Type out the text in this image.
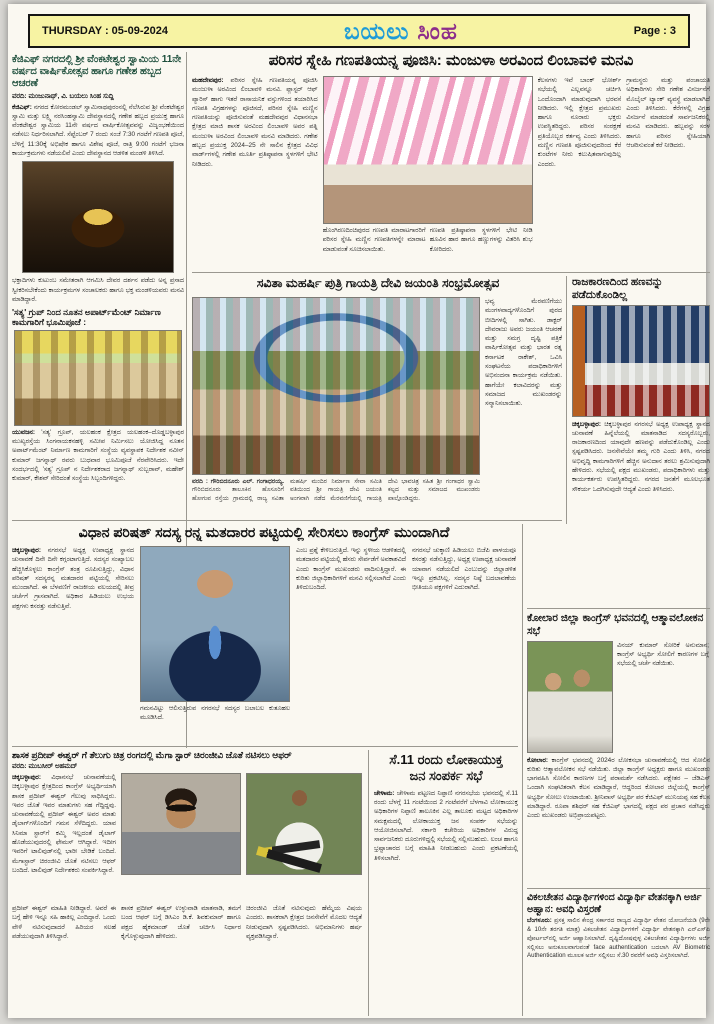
THURSDAY : 05-09-2024	ಬಯಲು ಸಿಂಹ	Page : 3
ಕೆಜಿಎಫ್ ನಗರದಲ್ಲಿ ಶ್ರೀ ವೆಂಕಟೇಶ್ವರ ಸ್ವಾಮಿಯ 11ನೇ ವರ್ಷದ ವಾರ್ಷಿಕೋತ್ಸವ ಹಾಗೂ ಗಣೇಶ ಹಬ್ಬದ ಆಚರಣೆ
ವರದಿ: ಮಂಜುನಾಥ್, ವಿ. ಬಯಲು ಸಿಂಹ ಸುದ್ದಿ
ಕೆಜಿಎಫ್: ನಗರದ ಕೋರಮಂಡಲ್ ಸ್ವಾಮಿನಾಥಪುರಂನಲ್ಲಿ ನೆಲೆಸಿರುವ ಶ್ರೀ ವೆಂಕಟೇಶ್ವರ ಸ್ವಾಮಿ ಮತ್ತು ಲಕ್ಷ್ಮಿ ನರಸಿಂಹಸ್ವಾಮಿ ದೇವಸ್ಥಾನದಲ್ಲಿ ಗಣೇಶ ಹಬ್ಬದ ಪ್ರಯುಕ್ತ ಹಾಗೂ ವೆಂಕಟೇಶ್ವರ ಸ್ವಾಮಿಯ 11ನೇ ವರ್ಷದ ವಾರ್ಷಿಕೋತ್ಸವವನ್ನು ವಿಜೃಂಭಣೆಯಿಂದ ನಡೆಸಲು ನಿರ್ಧರಿಸಲಾಗಿದೆ. ಸೆಪ್ಟೆಂಬರ್ 7 ರಂದು ಸಂಜೆ 7:30 ಗಂಟೆಗೆ ಗಣಪತಿ ಪೂಜೆ, ಬೆಳಿಗ್ಗೆ 11:30ಕ್ಕೆ ಅಭಿಷೇಕ ಹಾಗೂ ವಿಶೇಷ ಪೂಜೆ, ರಾತ್ರಿ 9:00 ಗಂಟೆಗೆ ಭಜನಾ ಕಾರ್ಯಕ್ರಮಗಳು ನಡೆಯಲಿವೆ ಎಂದು ದೇವಸ್ಥಾನದ ಆಡಳಿತ ಮಂಡಳಿ ತಿಳಿಸಿದೆ.
ಭಕ್ತಾದಿಗಳು ಕುಟುಂಬ ಸಮೇತರಾಗಿ ಆಗಮಿಸಿ ದೇವರ ದರ್ಶನ ಪಡೆದು ಅನ್ನ ಪ್ರಸಾದ ಸ್ವೀಕರಿಸಬೇಕೆಂದು ಕಾರ್ಯಕ್ರಮಗಳ ಸಂಚಾಲಕರು ಹಾಗೂ ಭಕ್ತ ಮಂಡಳಿಯವರು ಮನವಿ ಮಾಡಿದ್ದಾರೆ.
'ಸತ್ಯ' ಗ್ರುಪ್ ನಿಂದ ನೂತನ ಅಪಾರ್ಟ್‌ಮೆಂಟ್ ನಿರ್ಮಾಣ ಕಾಮಗಾರಿಗೆ ಭೂಮಿಪೂಜೆ :
ಯುವಜನ: 'ಸತ್ಯ' ಗ್ರೂಪ್, ಯಲಹಂಕ ಕ್ಷೇತ್ರದ ಯಲಹಂಕ–ದೊಡ್ಡಬಳ್ಳಾಪುರ ಮುಖ್ಯರಸ್ತೆಯ ಸಿಂಗನಾಯಕನಹಳ್ಳಿ ಸಮೀಪ ನಿರ್ಮಿಸಲು ಯೋಜಿಸಿದ್ದ ನೂತನ ಅಪಾರ್ಟ್‌ಮೆಂಟ್ ನಿರ್ಮಾಣ ಕಾಮಗಾರಿಗೆ ಸಂಸ್ಥೆಯ ವ್ಯವಸ್ಥಾಪಕ ನಿರ್ದೇಶಕ ನವೀನ್ ಕುಮಾರ್ ಜಗನ್ನಾಥ್ ರವರು ಬುಧವಾರ ಭೂಮಿಪೂಜೆ ನೆರವೇರಿಸಿದರು. ಇದೇ ಸಂದರ್ಭದಲ್ಲಿ 'ಸತ್ಯ' ಗ್ರೂಪ್ ನ ನಿರ್ದೇಶಕರಾದ ಜಗನ್ನಾಥ್ ಸುಬ್ಬರಾವ್, ಮಹೇಶ್ ಕುಮಾರ್, ಕೇಶವ್ ಸೇರಿದಂತೆ ಸಂಸ್ಥೆಯ ಸಿಬ್ಬಂದಿಗಳಿದ್ದರು.
ಪರಿಸರ ಸ್ನೇಹಿ ಗಣಪತಿಯನ್ನ ಪೂಜಿಸಿ: ಮಂಜುಳಾ ಅರವಿಂದ ಲಿಂಬಾವಳಿ ಮನವಿ
ಮಹದೇವಪುರ: ಪರಿಸರ ಸ್ನೇಹಿ ಗಣಪತಿಯನ್ನ ಪೂಜಿಸಿ ಮಂಜುಳಾ ಅರವಿಂದ ಲಿಂಬಾವಳಿ ಮನವಿ. ಪ್ಲಾಸ್ಟರ್ ಆಫ್ ಪ್ಯಾರಿಸ್ ಹಾಗು ಇತರೆ ರಾಸಾಯನಿಕ ವಸ್ತುಗಳಿಂದ ತಯಾರಿಸಿದ ಗಣಪತಿ ವಿಗ್ರಹಗಳನ್ನು ಪೂಜಿಸದೆ, ಪರಿಸರ ಸ್ನೇಹಿ ಮಣ್ಣಿನ ಗಣಪತಿಯನ್ನು ಪೂಜಿಸುವಂತೆ ಮಹದೇವಪುರ ವಿಧಾನಸಭಾ ಕ್ಷೇತ್ರದ ಮಾಜಿ ಶಾಸಕ ಅರವಿಂದ ಲಿಂಬಾವಳಿ ಅವರ ಪತ್ನಿ ಮಂಜುಳಾ ಅರವಿಂದ ಲಿಂಬಾವಳಿ ಮನವಿ ಮಾಡಿದರು. ಗಣೇಶ ಹಬ್ಬದ ಪ್ರಯುಕ್ತ 2024–25 ನೇ ಸಾಲಿನ ಕ್ಷೇತ್ರದ ವಿವಿಧ ವಾರ್ಡ್‌ಗಳಲ್ಲಿ ಗಣೇಶ ಮೂರ್ತಿ ಪ್ರತಿಷ್ಠಾಪನಾ ಸ್ಥಳಗಳಿಗೆ ಭೇಟಿ ನೀಡಿದರು.
ಹೊಂಗಿರಣದಿಂಚಿಪುರದ ಗಣಪತಿ ಮಾರಾಟಗಾರರಿಗೆ ಪರಿಸರ ಸ್ನೇಹಿ ಮಣ್ಣಿನ ಗಣಪತಿಗಳನ್ನೇ ಮಾರಾಟ ಮಾಡುವಂತೆ ಸೂಚಿಸಲಾಯಿತು.
ಗಣಪತಿ ಪ್ರತಿಷ್ಠಾಪನಾ ಸ್ಥಳಗಳಿಗೆ ಭೇಟಿ ನೀಡಿ ಹೂವಿನ ಹಾರ ಹಾಗೂ ಹಣ್ಣುಗಳನ್ನು ವಿತರಿಸಿ ಶುಭ ಕೋರಿದರು.
ಕೆಲಸಗಳು ಇವೆ ಬಾಂಕ್ ಭೋರ್ಶ್ ಸಭೆಯಲ್ಲಿ ಎಲ್ಲವನ್ನೂ ಚರ್ಚಿಸಿ ಒಂದೊಂದಾಗಿ ಮಾಡುವುದಾಗಿ ಭರವಸೆ ನೀಡಿದರು. ಇಲ್ಲಿ ಕ್ಷೇತ್ರದ ಪ್ರಮುಖರು ಹಾಗೂ ನೂರಾರು ಭಕ್ತರು ಉಪಸ್ಥಿತರಿದ್ದರು. ಪರಿಸರ ಸಂರಕ್ಷಣೆ ಪ್ರತಿಯೊಬ್ಬರ ಕರ್ತವ್ಯ ಎಂದು ತಿಳಿಸಿದರು. ಮಣ್ಣಿನ ಗಣಪತಿ ಪೂಜಿಸುವುದರಿಂದ ಕೆರೆ ಕುಂಟೆಗಳ ನೀರು ಕಲುಷಿತವಾಗುವುದಿಲ್ಲ ಎಂದರು.
ಗ್ರಾಮಸ್ಥರು ಮತ್ತು ಪಂಚಾಯತಿ ಅಧಿಕಾರಿಗಳು ಸೇರಿ ಗಣೇಶ ವಿಸರ್ಜನೆಗೆ ಮೊಬೈಲ್ ಟ್ಯಾಂಕ್ ವ್ಯವಸ್ಥೆ ಮಾಡಲಾಗಿದೆ ಎಂದು ತಿಳಿಸಿದರು. ಕೆರೆಗಳಲ್ಲಿ ವಿಗ್ರಹ ವಿಸರ್ಜನೆ ಮಾಡದಂತೆ ಸಾರ್ವಜನಿಕರಲ್ಲಿ ಮನವಿ ಮಾಡಿದರು. ಹಬ್ಬವನ್ನು ಸರಳ ಹಾಗೂ ಪರಿಸರ ಸ್ನೇಹಿಯಾಗಿ ಆಚರಿಸುವಂತೆ ಕರೆ ನೀಡಿದರು.
ಸವಿತಾ ಮಹರ್ಷಿ ಪುತ್ರಿ ಗಾಯತ್ರಿ ದೇವಿ ಜಯಂತಿ ಸಂಭ್ರಮೋತ್ಸವ
ವರದಿ : ಗೌರಿಬಿದನೂರು ಎಲ್. ಗಂಗಾಧರಯ್ಯ. ಗೌರಿಬಿದನೂರು ತಾಲೂಕಿನ ಹೊಸೂರಿಗೆ ಹೋಗುವ ರಸ್ತೆಯ ಗ್ರಾಮದಲ್ಲಿ ರಾಜ್ಯ ಸವಿತಾ ಮಹರ್ಷಿ ಮಂದಿರ ನಿರ್ಮಾಣ ಸೇವಾ ಸಮಿತಿ ವತಿಯಿಂದ ಶ್ರೀ ಗಾಯತ್ರಿ ದೇವಿ ಜಯಂತಿ ಅಂಗವಾಗಿ ನಡೆದ ಮೆರವಣಿಗೆಯಲ್ಲಿ ಗಾಯತ್ರಿ ದೇವಿ ಭಾವಚಿತ್ರ ಸಹಿತ ಶ್ರೀ ಗಂಗಾಧರ ಸ್ವಾಮಿ ಕಲ್ಪದ ಮತ್ತು ಸಮಾಜದ ಮುಖಂಡರು ಪಾಲ್ಗೊಂಡಿದ್ದರು.
ಭವ್ಯ ಮೆರವಣಿಗೆಯು ಮಂಗಳವಾದ್ಯಗಳೊಂದಿಗೆ ಪುರದ ಬೀದಿಗಳಲ್ಲಿ ಸಾಗಿತು. ಡಾಕ್ಟರ್ ದೇವರಾಜು ಅವರು ಜಯಂತಿ ಆಚರಣೆ ಮತ್ತು ಸಮಗ್ರ ದೃಷ್ಟಿ ಪತ್ರಿಕೆ ವಾರ್ಷಿಕೋತ್ಸವ ಮತ್ತು ಭಾರತ ರತ್ನ ಕರ್ನಾಟಕ ರಾಕೇಶ್, ಒವಿಸಿ ಸಂಘಟನೆಯ ಪದಾಧಿಕಾರಿಗಳಿಗೆ ಅಭಿನಂದನಾ ಕಾರ್ಯಕ್ರಮ ನಡೆಯಿತು. ಹಾಗೆಯೇ ಕಲಾವಿದರನ್ನು ಮತ್ತು ಸಮಾಜದ ಮುಖಂಡರನ್ನು ಸನ್ಮಾನಿಸಲಾಯಿತು.
ರಾಜಕಾರಣದಿಂದ ಹಣವನ್ನು ಪಡೆದುಕೊಂಡಿಲ್ಲ
ಚಿಕ್ಕಬಳ್ಳಾಪುರ: ಚಿಕ್ಕಬಳ್ಳಾಪುರ ನಗರಸಭೆ ಅಧ್ಯಕ್ಷ ಉಪಾಧ್ಯಕ್ಷ ಸ್ಥಾನದ ಚುನಾವಣೆ ಹಿನ್ನೆಲೆಯಲ್ಲಿ ಮಾತನಾಡಿದ ಸದಸ್ಯರೊಬ್ಬರು, ರಾಜಕಾರಣದಿಂದ ಯಾವುದೇ ಹಣವನ್ನು ಪಡೆದುಕೊಂಡಿಲ್ಲ ಎಂದು ಸ್ಪಷ್ಟಪಡಿಸಿದರು. ಜನಸೇವೆಯೇ ತಮ್ಮ ಗುರಿ ಎಂದು ತಿಳಿಸಿ, ನಗರದ ಅಭಿವೃದ್ಧಿ ಕಾಮಗಾರಿಗಳಿಗೆ ಹೆಚ್ಚಿನ ಅನುದಾನ ತರಲು ಶ್ರಮಿಸುವುದಾಗಿ ಹೇಳಿದರು. ಸಭೆಯಲ್ಲಿ ಪಕ್ಷದ ಮುಖಂಡರು, ಪದಾಧಿಕಾರಿಗಳು ಮತ್ತು ಕಾರ್ಯಕರ್ತರು ಉಪಸ್ಥಿತರಿದ್ದರು. ನಗರದ ಜನತೆಗೆ ಮೂಲಭೂತ ಸೌಕರ್ಯ ಒದಗಿಸುವುದೇ ಆದ್ಯತೆ ಎಂದು ತಿಳಿಸಿದರು.
ವಿಧಾನ ಪರಿಷತ್ ಸದಸ್ಯ ರನ್ನ ಮತದಾರರ ಪಟ್ಟಿಯಲ್ಲಿ ಸೇರಿಸಲು ಕಾಂಗ್ರೆಸ್ ಮುಂದಾಗಿದೆ
ಚಿಕ್ಕಬಳ್ಳಾಪುರ: ನಗರಸಭೆ ಅಧ್ಯಕ್ಷ ಉಪಾಧ್ಯಕ್ಷ ಸ್ಥಾನದ ಚುನಾವಣೆ ದಿನೇ ದಿನೇ ಕಗ್ಗಂಟಾಗುತ್ತಿದೆ. ಸದಸ್ಯರ ಸಂಖ್ಯಾಬಲ ಹೆಚ್ಚಿಸಿಕೊಳ್ಳಲು ಕಾಂಗ್ರೆಸ್ ತಂತ್ರ ರೂಪಿಸುತ್ತಿದ್ದು, ವಿಧಾನ ಪರಿಷತ್ ಸದಸ್ಯರನ್ನ ಮತದಾರರ ಪಟ್ಟಿಯಲ್ಲಿ ಸೇರಿಸಲು ಮುಂದಾಗಿದೆ. ಈ ಬೆಳವಣಿಗೆ ರಾಜಕೀಯ ವಲಯದಲ್ಲಿ ತೀವ್ರ ಚರ್ಚೆಗೆ ಗ್ರಾಸವಾಗಿದೆ. ಅಧಿಕಾರ ಹಿಡಿಯಲು ಉಭಯ ಪಕ್ಷಗಳು ಕಸರತ್ತು ನಡೆಸುತ್ತಿವೆ.
ಗಮನವಿಟ್ಟು ಆಲಿಸುತ್ತಿರುವ ನಗರಸಭೆ ಸದಸ್ಯರ ಬಲಾಬಲ ಕುತೂಹಲ ಮೂಡಿಸಿದೆ.
ಎಂಬ ಪ್ರಶ್ನೆ ಕೇಳಿಬರುತ್ತಿದೆ. ಇನ್ನು ಸ್ಥಳೀಯ ಆಡಳಿತದಲ್ಲಿ ಮತದಾರರ ಪಟ್ಟಿಯಲ್ಲಿ ಹೆಸರು ಸೇರ್ಪಡೆಗೆ ಅವಕಾಶವಿದೆ ಎಂದು ಕಾಂಗ್ರೆಸ್ ಮುಖಂಡರು ವಾದಿಸುತ್ತಿದ್ದಾರೆ. ಈ ಕುರಿತು ಜಿಲ್ಲಾಧಿಕಾರಿಗಳಿಗೆ ಮನವಿ ಸಲ್ಲಿಸಲಾಗಿದೆ ಎಂದು ತಿಳಿದುಬಂದಿದೆ.
ನಗರಸಭೆ ಚುಕ್ಕಾಣಿ ಹಿಡಿಯಲು ಬಿಜೆಪಿ ಪಾಳಯವೂ ಕಸರತ್ತು ನಡೆಸುತ್ತಿದ್ದು, ಅಧ್ಯಕ್ಷ ಉಪಾಧ್ಯಕ್ಷ ಚುನಾವಣೆ ಯಾವಾಗ ನಡೆಯಲಿದೆ ಎಂಬುದನ್ನು ಜಿಲ್ಲಾಡಳಿತ ಇನ್ನೂ ಪ್ರಕಟಿಸಿಲ್ಲ. ಸದಸ್ಯರ ನಿಷ್ಠೆ ಬದಲಾವಣೆಯ ಭೀತಿಯೂ ಪಕ್ಷಗಳಿಗೆ ಎದುರಾಗಿದೆ.
ಕೋಲಾರ ಜಿಲ್ಲಾ ಕಾಂಗ್ರೆಸ್ ಭವನದಲ್ಲಿ ಆತ್ಮಾವಲೋಕನ ಸಭೆ
ವಿನಯ್ ಕುಮಾರ್ ಸೋರಿಕೆ ಅನುಮಾನ; ಕಾಂಗ್ರೆಸ್ ಅಭ್ಯರ್ಥಿ ಸೋಲಿಗೆ ಕಾರಣಗಳ ಬಗ್ಗೆ ಸಭೆಯಲ್ಲಿ ಚರ್ಚೆ ನಡೆಯಿತು.
ಕೋಲಾರ: ಕಾಂಗ್ರೆಸ್ ಭವನದಲ್ಲಿ 2024ರ ಲೋಕಸಭಾ ಚುನಾವಣೆಯಲ್ಲಿ ಆದ ಸೋಲಿನ ಕುರಿತು ಆತ್ಮಾವಲೋಕನ ಸಭೆ ನಡೆಯಿತು. ಜಿಲ್ಲಾ ಕಾಂಗ್ರೆಸ್ ಅಧ್ಯಕ್ಷರು ಹಾಗೂ ಮುಖಂಡರು ಭಾಗವಹಿಸಿ ಸೋಲಿನ ಕಾರಣಗಳ ಬಗ್ಗೆ ಪರಾಮರ್ಶೆ ನಡೆಸಿದರು. ಪಕ್ಷೇತರ – ಜೆಡಿಎಸ್ ಒಂದಾಗಿ ಸಂಘಟಿತರಾಗಿ ಕೆಲಸ ಮಾಡಿದ್ದಾರೆ, ಆದ್ದರಿಂದ ಕೋಲಾರ ಜಿಲ್ಲೆಯಲ್ಲಿ ಕಾಂಗ್ರೆಸ್ ಅಭ್ಯರ್ಥಿ ಸೋಲು ಉಂಟಾಯಿತು. ಶ್ರೀನಿವಾಸ್ ಅಭ್ಯರ್ಥಿ ಪರ ಕೆಜಿಎಫ್ ಮುನಿಯಪ್ಪ ಸಹ ಕೆಲಸ ಮಾಡಿದ್ದಾರೆ. ರೂಪಾ ಶಶಿಧರ್ ಸಹ ಕೆಜಿಎಫ್ ಭಾಗದಲ್ಲಿ ಪಕ್ಷದ ಪರ ಪ್ರಚಾರ ನಡೆಸಿದ್ದರು ಎಂದು ಮುಖಂಡರು ಅಭಿಪ್ರಾಯಪಟ್ಟರು.
ವಿಕಲಚೇತನ ವಿದ್ಯಾರ್ಥಿಗಳಿಂದ ವಿದ್ಯಾರ್ಥಿ ವೇತನಕ್ಕಾಗಿ ಅರ್ಜಿ ಅಹ್ವಾನ: ಅವಧಿ ವಿಸ್ತರಣೆ
ಬೆಂಗಳೂರು: ಪ್ರಸಕ್ತ ಸಾಲಿನ ಕೇಂದ್ರ ಸರ್ಕಾರದ ರಾಜ್ಯದ ವಿದ್ಯಾರ್ಥಿ ವೇತನ ಯೋಜನೆಯಡಿ (9ನೇ & 10ನೇ ತರಗತಿ ಮಾತ್ರ) ವಿಕಲಚೇತನ ವಿದ್ಯಾರ್ಥಿಗಳಿಗೆ ವಿದ್ಯಾರ್ಥಿ ವೇತನಕ್ಕಾಗಿ ಎನ್ಎಸ್‌ಪಿ ಪೋರ್ಟಲ್‌ನಲ್ಲಿ ಅರ್ಜಿ ಆಹ್ವಾನಿಸಲಾಗಿದೆ. ದೃಷ್ಟಿದೋಷವುಳ್ಳ ವಿಕಲಚೇತನ ವಿದ್ಯಾರ್ಥಿಗಳು ಅರ್ಜಿ ಸಲ್ಲಿಸಲು ಅನುಕೂಲವಾಗುವಂತೆ face authentication ಬದಲಾಗಿ AV Biometric Authentication ಮೂಲಕ ಅರ್ಜಿ ಸಲ್ಲಿಸಲು ಸೆ.30 ರವರೆಗೆ ಅವಧಿ ವಿಸ್ತರಿಸಲಾಗಿದೆ.
ಶಾಸಕ ಪ್ರದೀಪ್ ಈಶ್ವರ್ ಗೆ ತೆಲುಗು ಚಿತ್ರ ರಂಗದಲ್ಲಿ ಮೆಗಾ ಸ್ಟಾರ್ ಚಿರಂಜೀವಿ ಜೊತೆ ನಟಿಸಲು ಆಫರ್
ವರದಿ: ಮುಬಸೀರ್ ಅಹಮದ್
ಚಿಕ್ಕಬಳ್ಳಾಪುರ: ವಿಧಾನಸಭೆ ಚುನಾವಣೆಯಲ್ಲಿ ಚಿಕ್ಕಬಳ್ಳಾಪುರ ಕ್ಷೇತ್ರದಿಂದ ಕಾಂಗ್ರೆಸ್ ಅಭ್ಯರ್ಥಿಯಾಗಿ ಶಾಸಕ ಪ್ರದೀಪ್ ಈಶ್ವರ್ ಗೆಲುವು ಸಾಧಿಸಿದ್ದರು. ಇವರ ಜೊತೆ ಇವರ ಮಾತುಗಳು ಸಹ ಗೆದ್ದಿದ್ದವು. ಚುನಾವಣೆಯಲ್ಲಿ ಪ್ರದೀಪ್ ಈಶ್ವರ್ ಅವರ ಮಾತು ಡೈಲಾಗ್‌ಗಳೊಂದಿಗೆ ಗಮನ ಸೆಳೆದಿದ್ದರು. ಯಾವ ಸಿನಿಮಾ ಸ್ಟಾರ್‌ಗೆ ಕಮ್ಮಿ ಇಲ್ಲದಂತೆ ಡೈಲಾಗ್ ಹೊಡೆಯುವುದರಲ್ಲಿ ಫೇಮಸ್ ಆಗಿದ್ದಾರೆ. ಇದೀಗ ಇವರಿಗೆ ಟಾಲಿವುಡ್‌ನಲ್ಲಿ ಭಾರೀ ಬೇಡಿಕೆ ಬಂದಿದೆ. ಮೆಗಾಸ್ಟಾರ್ ಚಿರಂಜೀವಿ ಜೊತೆ ನಟಿಸಲು ಆಫರ್ ಬಂದಿದೆ. ಟಾಲಿವುಡ್ ನಿರ್ದೇಶಕರು ಸಂಪರ್ಕಿಸಿದ್ದಾರೆ.
ಪ್ರದೀಪ್ ಈಶ್ವರ್ ಮಾಹಿತಿ ನೀಡಿದ್ದಾರೆ. ಅವರೆ ಈ ಬಗ್ಗೆ ಹೇಳಿ ಇನ್ನೂ ಸಹಿ ಹಾಕಿಲ್ಲ ಎಂದಿದ್ದಾರೆ. ಒಂದು ವೇಳೆ ನಟಿಸುವುದಾದರೆ ಹಿರಿಯರ ಸಲಹೆ ಪಡೆಯುವುದಾಗಿ ತಿಳಿಸಿದ್ದಾರೆ.
ಶಾಸಕ ಪ್ರದೀಪ್ ಈಶ್ವರ್ ಉಳ್ಳುವಾಡಿ ಮಾತನಾಡಿ, ತಮಗೆ ಬಂದ ಆಫರ್ ಬಗ್ಗೆ ಡಿಸಿಎಂ ಡಿ.ಕೆ. ಶಿವಕುಮಾರ್ ಹಾಗೂ ಪಕ್ಷದ ಹೈಕಮಾಂಡ್ ಜೊತೆ ಚರ್ಚಿಸಿ ನಿರ್ಧಾರ ಕೈಗೊಳ್ಳುವುದಾಗಿ ಹೇಳಿದರು.
ಚಿರಂಜೀವಿ ಜೊತೆ ನಟಿಸುವುದು ಹೆಮ್ಮೆಯ ವಿಷಯ ಎಂದರು. ಶಾಸಕರಾಗಿ ಕ್ಷೇತ್ರದ ಜನಸೇವೆಗೆ ಮೊದಲ ಆದ್ಯತೆ ನೀಡುವುದಾಗಿ ಸ್ಪಷ್ಟಪಡಿಸಿದರು. ಅಭಿಮಾನಿಗಳು ಹರ್ಷ ವ್ಯಕ್ತಪಡಿಸಿದ್ದಾರೆ.
ಸೆ.11 ರಂದು ಲೋಕಾಯುಕ್ತ
ಜನ ಸಂಪರ್ಕ ಸಭೆ
ಚೇಳಾಮ: ಚೇಳಾಮ ಪಟ್ಟಣದ ನಿಪ್ಪಾಣಿ ನಗರಸಭೆಯ ಭವನದಲ್ಲಿ ಸೆ.11 ರಂದು ಬೆಳಗ್ಗೆ 11 ಗಂಟೆಯಿಂದ 2 ಗಂಟೆವರೆಗೆ ಬೆಳಗಾವಿ ಲೋಕಾಯುಕ್ತ ಅಧಿಕಾರಿಗಳ ನಿಪ್ಪಾಣಿ ತಾಲೂಕಿನ ಎಲ್ಲ ತಾಲೂಕು ಮಟ್ಟದ ಅಧಿಕಾರಿಗಳ ಸಮಕ್ಷಮದಲ್ಲಿ ಲೋಕಾಯುಕ್ತ ಜನ ಸಂಪರ್ಕ ಸಭೆಯನ್ನು ಆಯೋಜಿಸಲಾಗಿದೆ. ಸರ್ಕಾರಿ ಕಚೇರಿಯ ಅಧಿಕಾರಿಗಳ ವಿರುದ್ಧ ಸಾರ್ವಜನಿಕರು ದೂರುಗಳಿದ್ದಲ್ಲಿ ಸಭೆಯಲ್ಲಿ ಸಲ್ಲಿಸಬಹುದು. ಲಂಚ ಹಾಗೂ ಭ್ರಷ್ಟಾಚಾರದ ಬಗ್ಗೆ ಮಾಹಿತಿ ನೀಡಬಹುದು ಎಂದು ಪ್ರಕಟಣೆಯಲ್ಲಿ ತಿಳಿಸಲಾಗಿದೆ.
